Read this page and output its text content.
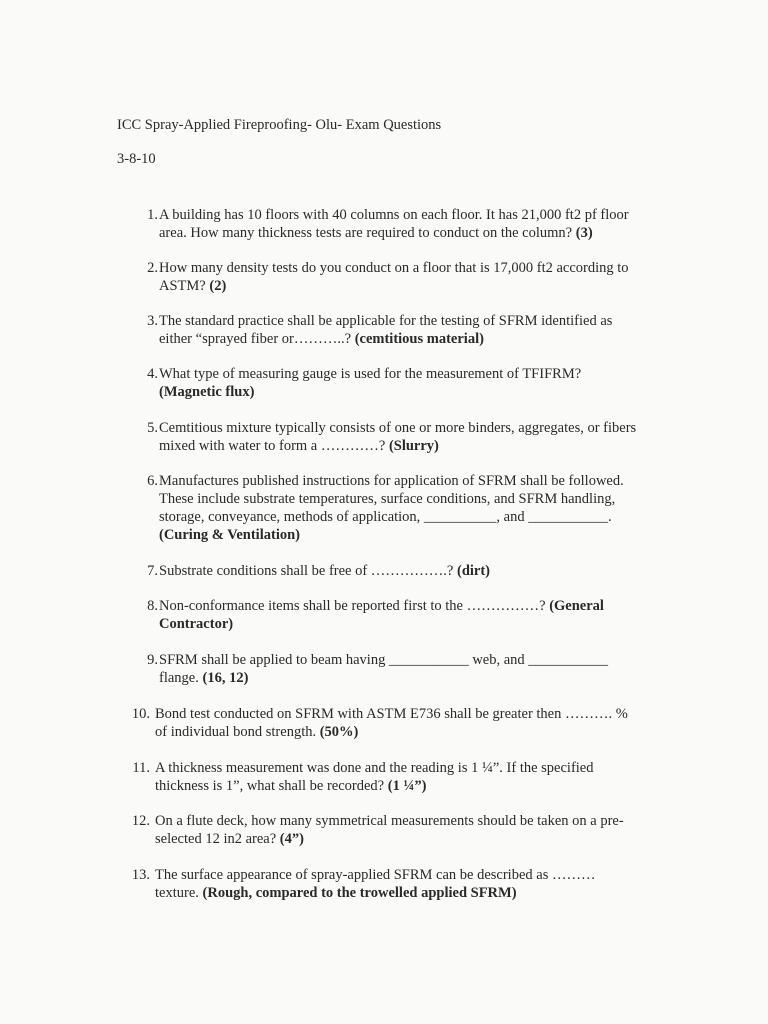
ICC Spray-Applied Fireproofing- Olu- Exam Questions
3-8-10
1. A building has 10 floors with 40 columns on each floor. It has 21,000 ft2 pf floor
area. How many thickness tests are required to conduct on the column? (3)
2. How many density tests do you conduct on a floor that is 17,000 ft2 according to
ASTM? (2)
3. The standard practice shall be applicable for the testing of SFRM identified as
either “sprayed fiber or………..? (cemtitious material)
4. What type of measuring gauge is used for the measurement of TFIFRM?
(Magnetic flux)
5. Cemtitious mixture typically consists of one or more binders, aggregates, or fibers
mixed with water to form a …………? (Slurry)
6. Manufactures published instructions for application of SFRM shall be followed.
These include substrate temperatures, surface conditions, and SFRM handling,
storage, conveyance, methods of application, __________, and ___________.
(Curing & Ventilation)
7. Substrate conditions shall be free of …………….? (dirt)
8. Non-conformance items shall be reported first to the ……………? (General
Contractor)
9. SFRM shall be applied to beam having ___________ web, and ___________
flange. (16, 12)
10. Bond test conducted on SFRM with ASTM E736 shall be greater then ………. %
of individual bond strength. (50%)
11. A thickness measurement was done and the reading is 1 ¼”. If the specified
thickness is 1”, what shall be recorded? (1 ¼”)
12. On a flute deck, how many symmetrical measurements should be taken on a pre-
selected 12 in2 area? (4”)
13. The surface appearance of spray-applied SFRM can be described as ………
texture. (Rough, compared to the trowelled applied SFRM)
